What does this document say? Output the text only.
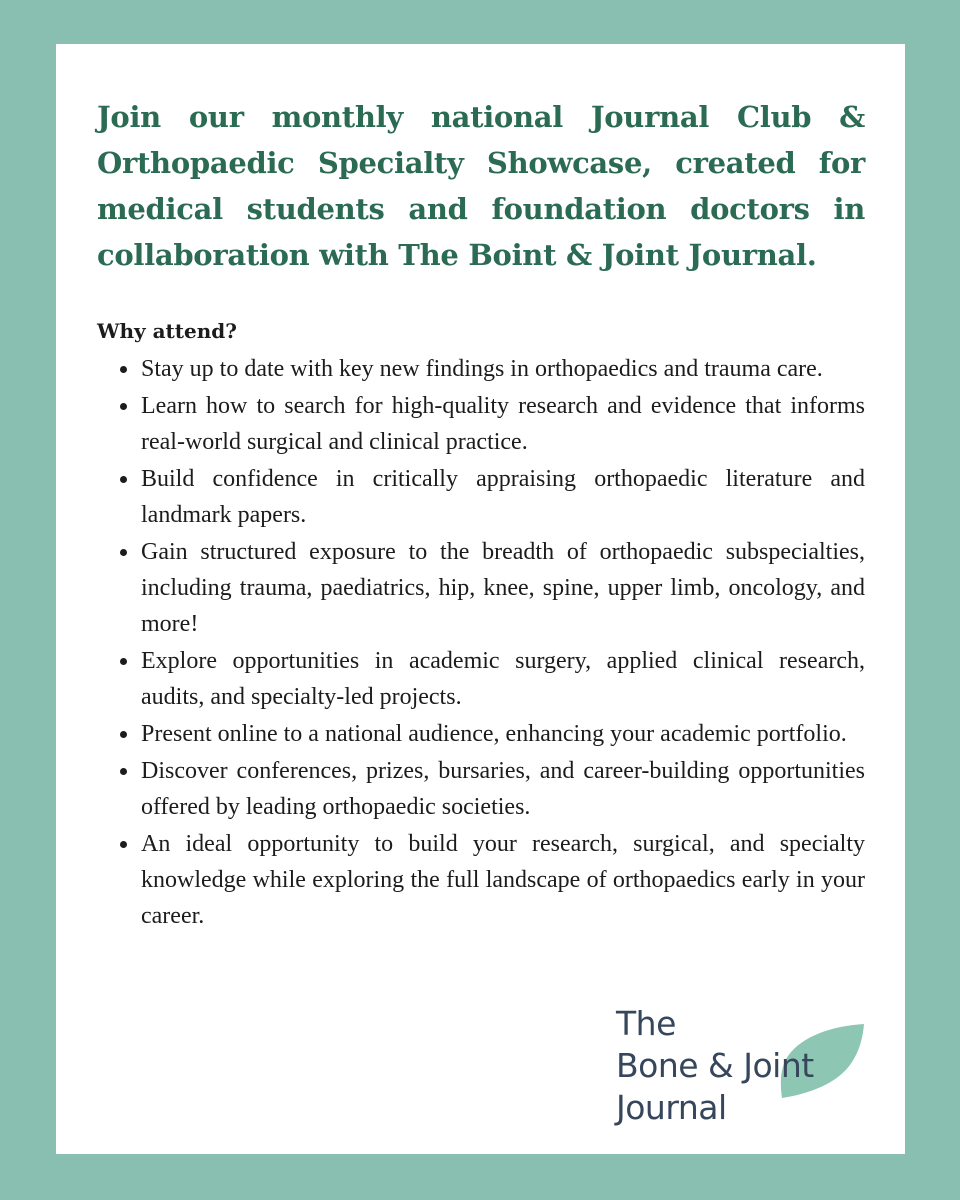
Join our monthly national Journal Club & Orthopaedic Specialty Showcase, created for medical students and foundation doctors in collaboration with The Boint & Joint Journal.

Why attend?

Stay up to date with key new findings in orthopaedics and trauma care.
Learn how to search for high-quality research and evidence that informs real-world surgical and clinical practice.
Build confidence in critically appraising orthopaedic literature and landmark papers.
Gain structured exposure to the breadth of orthopaedic subspecialties, including trauma, paediatrics, hip, knee, spine, upper limb, oncology, and more!
Explore opportunities in academic surgery, applied clinical research, audits, and specialty-led projects.
Present online to a national audience, enhancing your academic portfolio.
Discover conferences, prizes, bursaries, and career-building opportunities offered by leading orthopaedic societies.
An ideal opportunity to build your research, surgical, and specialty knowledge while exploring the full landscape of orthopaedics early in your career.
The
Bone & Joint
Journal
